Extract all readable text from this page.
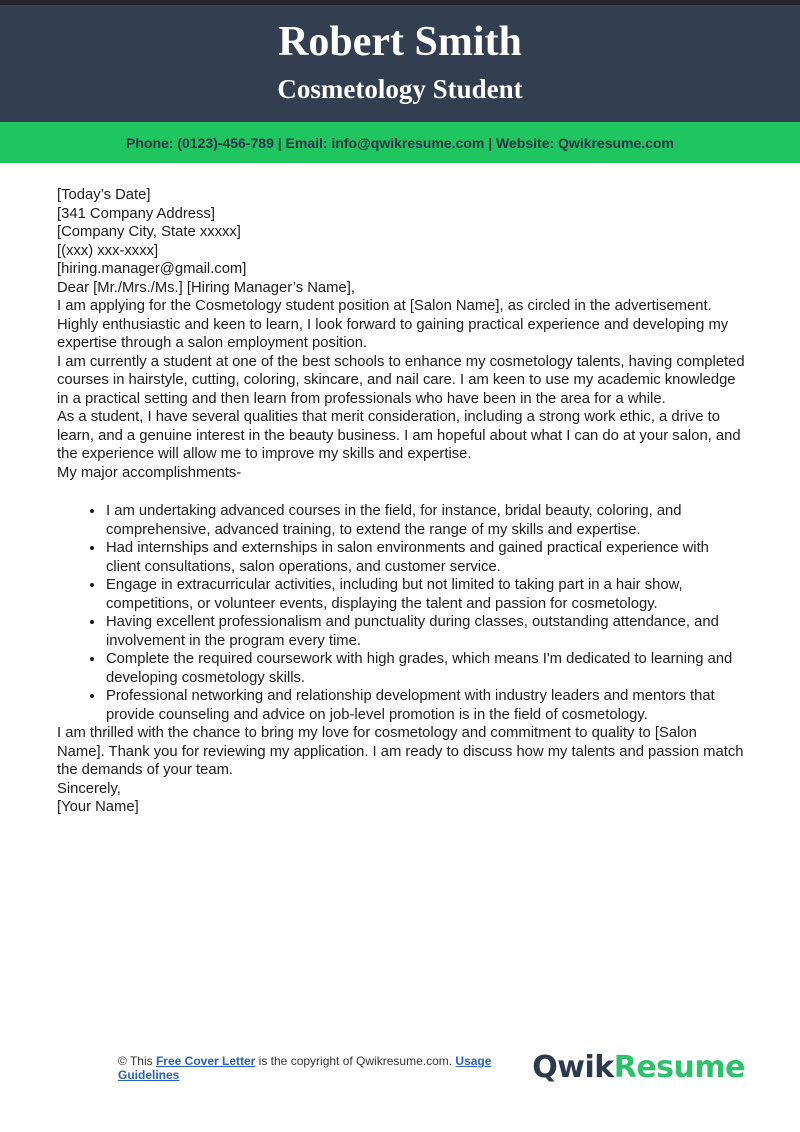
Robert Smith
Cosmetology Student
Phone: (0123)-456-789 | Email: info@qwikresume.com | Website: Qwikresume.com

[Today’s Date]

[341 Company Address]

[Company City, State xxxxx]

[(xxx) xxx-xxxx]

[hiring.manager@gmail.com]

Dear [Mr./Mrs./Ms.] [Hiring Manager’s Name],

I am applying for the Cosmetology student position at [Salon Name], as circled in the advertisement. Highly enthusiastic and keen to learn, I look forward to gaining practical experience and developing my expertise through a salon employment position.

I am currently a student at one of the best schools to enhance my cosmetology talents, having completed courses in hairstyle, cutting, coloring, skincare, and nail care. I am keen to use my academic knowledge in a practical setting and then learn from professionals who have been in the area for a while.

As a student, I have several qualities that merit consideration, including a strong work ethic, a drive to learn, and a genuine interest in the beauty business. I am hopeful about what I can do at your salon, and the experience will allow me to improve my skills and expertise.

My major accomplishments-

• I am undertaking advanced courses in the field, for instance, bridal beauty, coloring, and comprehensive, advanced training, to extend the range of my skills and expertise.
• Had internships and externships in salon environments and gained practical experience with client consultations, salon operations, and customer service.
• Engage in extracurricular activities, including but not limited to taking part in a hair show, competitions, or volunteer events, displaying the talent and passion for cosmetology.
• Having excellent professionalism and punctuality during classes, outstanding attendance, and involvement in the program every time.
• Complete the required coursework with high grades, which means I'm dedicated to learning and developing cosmetology skills.
• Professional networking and relationship development with industry leaders and mentors that provide counseling and advice on job-level promotion is in the field of cosmetology.

I am thrilled with the chance to bring my love for cosmetology and commitment to quality to [Salon Name]. Thank you for reviewing my application. I am ready to discuss how my talents and passion match the demands of your team.

Sincerely,

[Your Name]

© This Free Cover Letter is the copyright of Qwikresume.com. Usage Guidelines	QwikResume
